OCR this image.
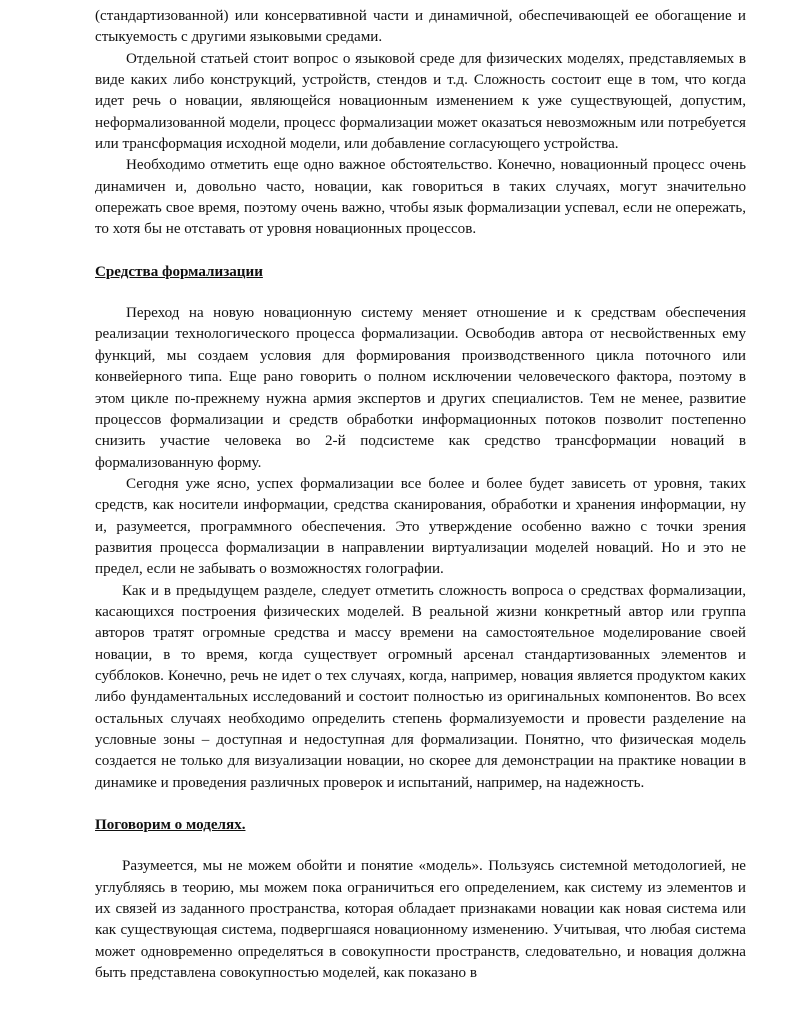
(стандартизованной) или консервативной части и динамичной, обеспечивающей ее обогащение и стыкуемость с другими языковыми средами.

Отдельной статьей стоит вопрос о языковой среде для физических моделях, представляемых в виде каких либо конструкций, устройств, стендов и т.д. Сложность состоит еще в том, что когда идет речь о новации, являющейся новационным изменением к уже существующей, допустим, неформализованной модели, процесс формализации может оказаться невозможным или потребуется или трансформация исходной модели, или добавление согласующего устройства.

Необходимо отметить еще одно важное обстоятельство. Конечно, новационный процесс очень динамичен и, довольно часто, новации, как говориться в таких случаях, могут значительно опережать свое время, поэтому очень важно, чтобы язык формализации успевал, если не опережать, то хотя бы не отставать от уровня новационных процессов.

Средства формализации

Переход на новую новационную систему меняет отношение и к средствам обеспечения реализации технологического процесса формализации. Освободив автора от несвойственных ему функций, мы создаем условия для формирования производственного цикла поточного или конвейерного типа. Еще рано говорить о полном исключении человеческого фактора, поэтому в этом цикле по-прежнему нужна армия экспертов и других специалистов. Тем не менее, развитие процессов формализации и средств обработки информационных потоков позволит постепенно снизить участие человека во 2-й подсистеме как средство трансформации новаций в формализованную форму.

Сегодня уже ясно, успех формализации все более и более будет зависеть от уровня, таких средств, как носители информации, средства сканирования, обработки и хранения информации, ну и, разумеется, программного обеспечения. Это утверждение особенно важно с точки зрения развития процесса формализации в направлении виртуализации моделей новаций. Но и это не предел, если не забывать о возможностях голографии.

Как и в предыдущем разделе, следует отметить сложность вопроса о средствах формализации, касающихся построения физических моделей. В реальной жизни конкретный автор или группа авторов тратят огромные средства и массу времени на самостоятельное моделирование своей новации, в то время, когда существует огромный арсенал стандартизованных элементов и субблоков. Конечно, речь не идет о тех случаях, когда, например, новация является продуктом каких либо фундаментальных исследований и состоит полностью из оригинальных компонентов. Во всех остальных случаях необходимо определить степень формализуемости и провести разделение на условные зоны – доступная и недоступная для формализации. Понятно, что физическая модель создается не только для визуализации новации, но скорее для демонстрации на практике новации в динамике и проведения различных проверок и испытаний, например, на надежность.

Поговорим о моделях.

Разумеется, мы не можем обойти и понятие «модель». Пользуясь системной методологией, не углубляясь в теорию, мы можем пока ограничиться его определением, как систему из элементов и их связей из заданного пространства, которая обладает признаками новации как новая система или как существующая система, подвергшаяся новационному изменению. Учитывая, что любая система может одновременно определяться в совокупности пространств, следовательно, и новация должна быть представлена совокупностью моделей, как показано в
